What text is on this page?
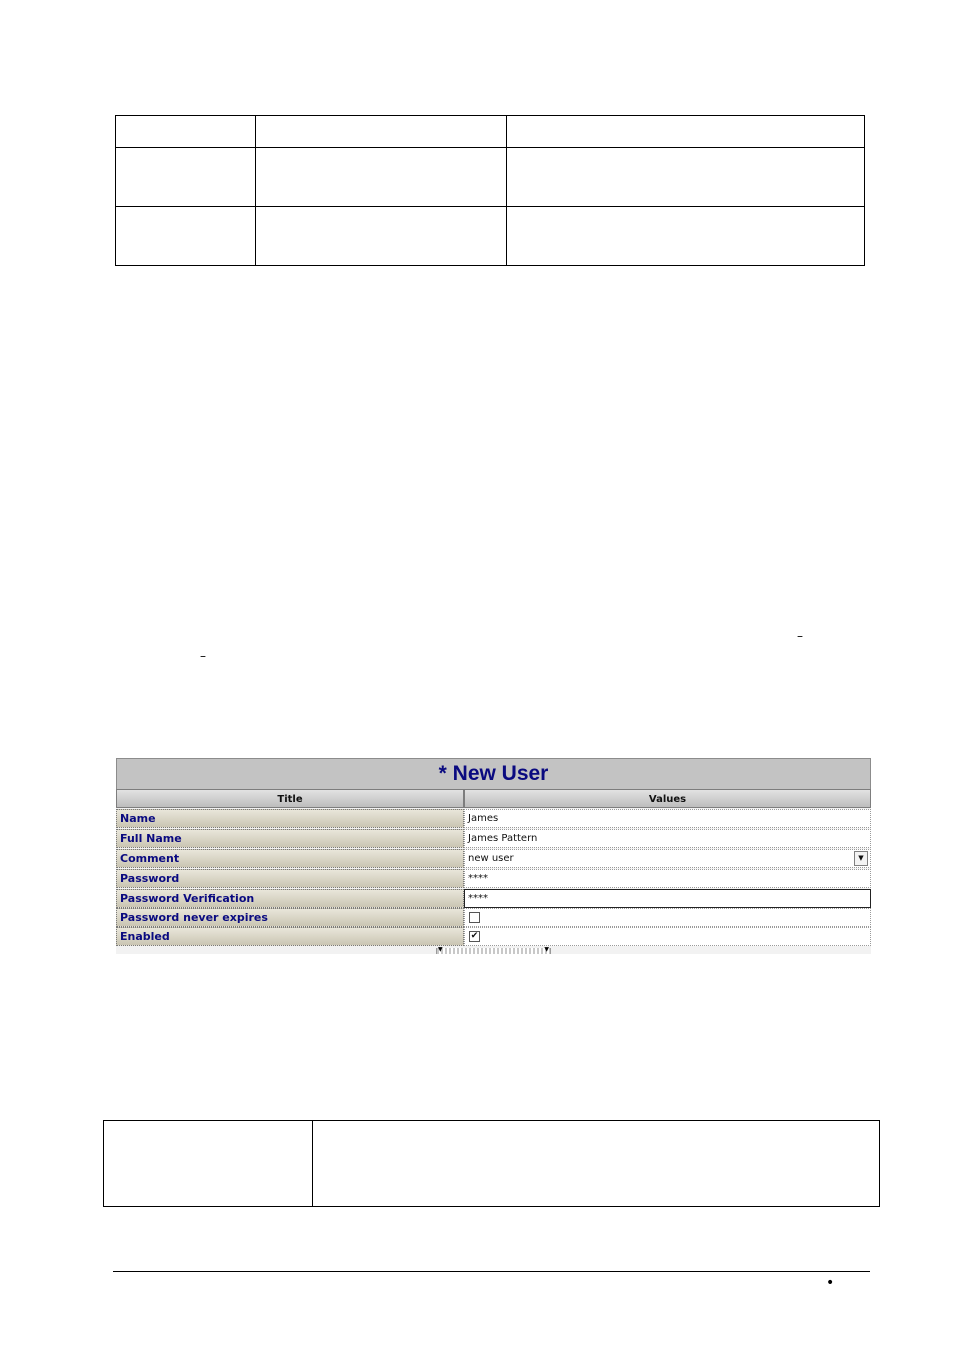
–
–
* New User
Title	Values
Name	James
Full Name	James Pattern
Comment	new user	▼
Password	****
Password Verification	****
Password never expires
Enabled	✔
▼	▼

•
